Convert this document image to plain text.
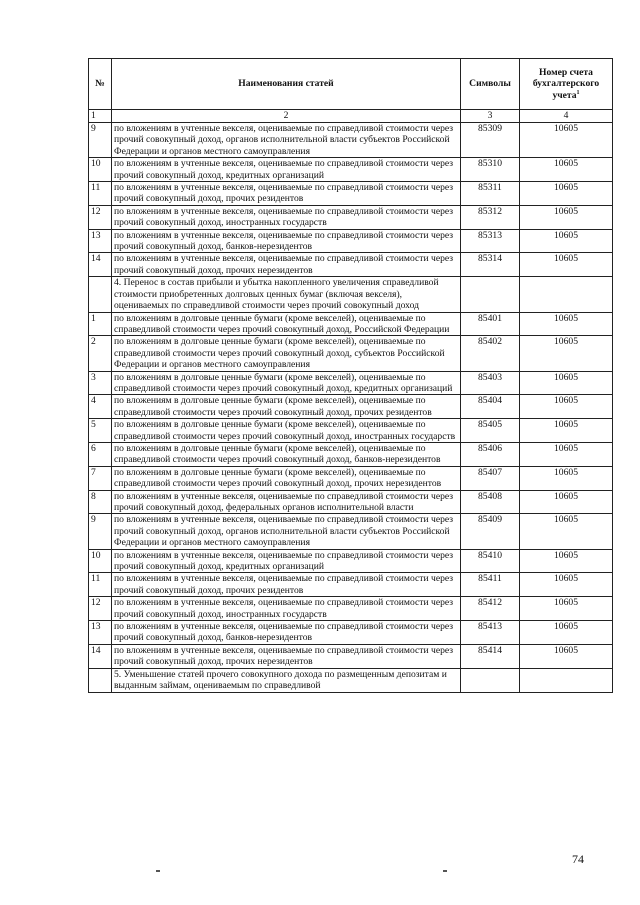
№	Наименования статей	Символы	Номер счета бухгалтерского учета$^1$
1	2	3	4
9	по вложениям в учтенные векселя, оцениваемые по справедливой стоимости через прочий совокупный доход, органов исполнительной власти субъектов Российской Федерации и органов местного самоуправления	85309	10605
10	по вложениям в учтенные векселя, оцениваемые по справедливой стоимости через прочий совокупный доход, кредитных организаций	85310	10605
11	по вложениям в учтенные векселя, оцениваемые по справедливой стоимости через прочий совокупный доход, прочих резидентов	85311	10605
12	по вложениям в учтенные векселя, оцениваемые по справедливой стоимости через прочий совокупный доход, иностранных государств	85312	10605
13	по вложениям в учтенные векселя, оцениваемые по справедливой стоимости через прочий совокупный доход, банков-нерезидентов	85313	10605
14	по вложениям в учтенные векселя, оцениваемые по справедливой стоимости через прочий совокупный доход, прочих нерезидентов	85314	10605
	4. Перенос в состав прибыли и убытка накопленного увеличения справедливой стоимости приобретенных долговых ценных бумаг (включая векселя), оцениваемых по справедливой стоимости через прочий совокупный доход		
1	по вложениям в долговые ценные бумаги (кроме векселей), оцениваемые по справедливой стоимости через прочий совокупный доход, Российской Федерации	85401	10605
2	по вложениям в долговые ценные бумаги (кроме векселей), оцениваемые по справедливой стоимости через прочий совокупный доход, субъектов Российской Федерации и органов местного самоуправления	85402	10605
3	по вложениям в долговые ценные бумаги (кроме векселей), оцениваемые по справедливой стоимости через прочий совокупный доход, кредитных организаций	85403	10605
4	по вложениям в долговые ценные бумаги (кроме векселей), оцениваемые по справедливой стоимости через прочий совокупный доход, прочих резидентов	85404	10605
5	по вложениям в долговые ценные бумаги (кроме векселей), оцениваемые по справедливой стоимости через прочий совокупный доход, иностранных государств	85405	10605
6	по вложениям в долговые ценные бумаги (кроме векселей), оцениваемые по справедливой стоимости через прочий совокупный доход, банков-нерезидентов	85406	10605
7	по вложениям в долговые ценные бумаги (кроме векселей), оцениваемые по справедливой стоимости через прочий совокупный доход, прочих нерезидентов	85407	10605
8	по вложениям в учтенные векселя, оцениваемые по справедливой стоимости через прочий совокупный доход, федеральных органов исполнительной власти	85408	10605
9	по вложениям в учтенные векселя, оцениваемые по справедливой стоимости через прочий совокупный доход, органов исполнительной власти субъектов Российской Федерации и органов местного самоуправления	85409	10605
10	по вложениям в учтенные векселя, оцениваемые по справедливой стоимости через прочий совокупный доход, кредитных организаций	85410	10605
11	по вложениям в учтенные векселя, оцениваемые по справедливой стоимости через прочий совокупный доход, прочих резидентов	85411	10605
12	по вложениям в учтенные векселя, оцениваемые по справедливой стоимости через прочий совокупный доход, иностранных государств	85412	10605
13	по вложениям в учтенные векселя, оцениваемые по справедливой стоимости через прочий совокупный доход, банков-нерезидентов	85413	10605
14	по вложениям в учтенные векселя, оцениваемые по справедливой стоимости через прочий совокупный доход, прочих нерезидентов	85414	10605
	5. Уменьшение статей прочего совокупного дохода по размещенным депозитам и выданным займам, оцениваемым по справедливой		
74
